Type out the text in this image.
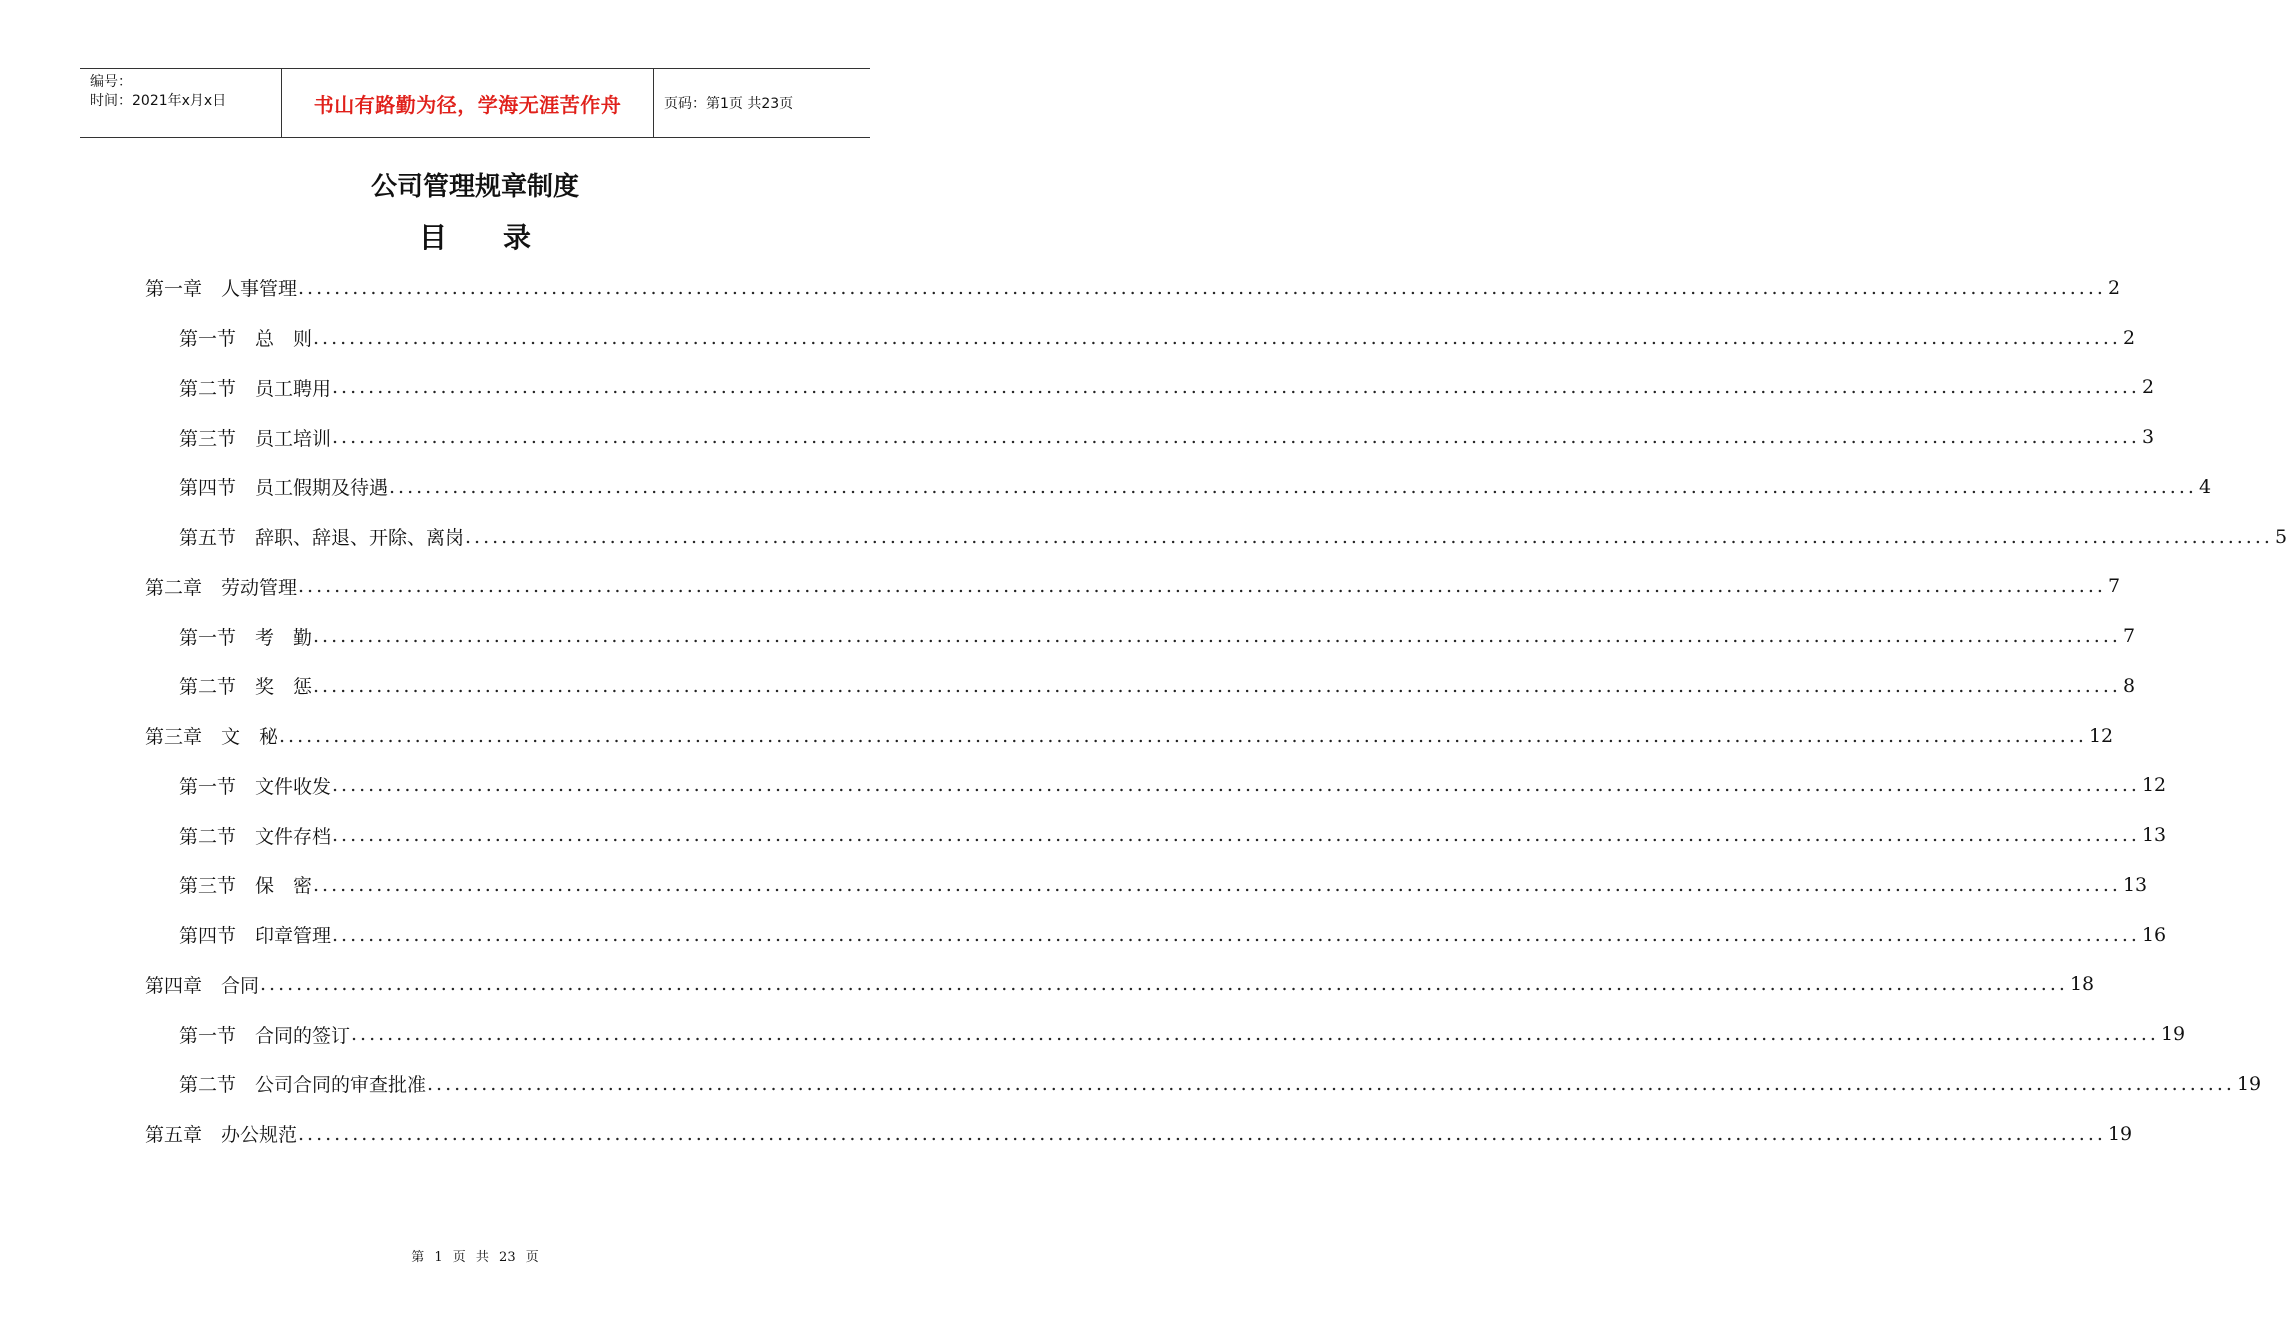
编号：
时间：2021年x月x日	书山有路勤为径，学海无涯苦作舟	页码：第1页 共23页
公司管理规章制度
目录
第一章　人事管理 ........................................................................................................................................................................................................ 2
第一节　总　则 ........................................................................................................................................................................................................ 2
第二节　员工聘用 ........................................................................................................................................................................................................ 2
第三节　员工培训 ........................................................................................................................................................................................................ 3
第四节　员工假期及待遇 ........................................................................................................................................................................................................ 4
第五节　辞职、辞退、开除、离岗 ........................................................................................................................................................................................................ 5
第二章　劳动管理 ........................................................................................................................................................................................................ 7
第一节　考　勤 ........................................................................................................................................................................................................ 7
第二节　奖　惩 ........................................................................................................................................................................................................ 8
第三章　文　秘 ........................................................................................................................................................................................................ 12
第一节　文件收发 ........................................................................................................................................................................................................ 12
第二节　文件存档 ........................................................................................................................................................................................................ 13
第三节　保　密 ........................................................................................................................................................................................................ 13
第四节　印章管理 ........................................................................................................................................................................................................ 16
第四章　合同 ........................................................................................................................................................................................................ 18
第一节　合同的签订 ........................................................................................................................................................................................................ 19
第二节　公司合同的审查批准 ........................................................................................................................................................................................................ 19
第五章　办公规范 ........................................................................................................................................................................................................ 19
第 1 页 共 23 页
